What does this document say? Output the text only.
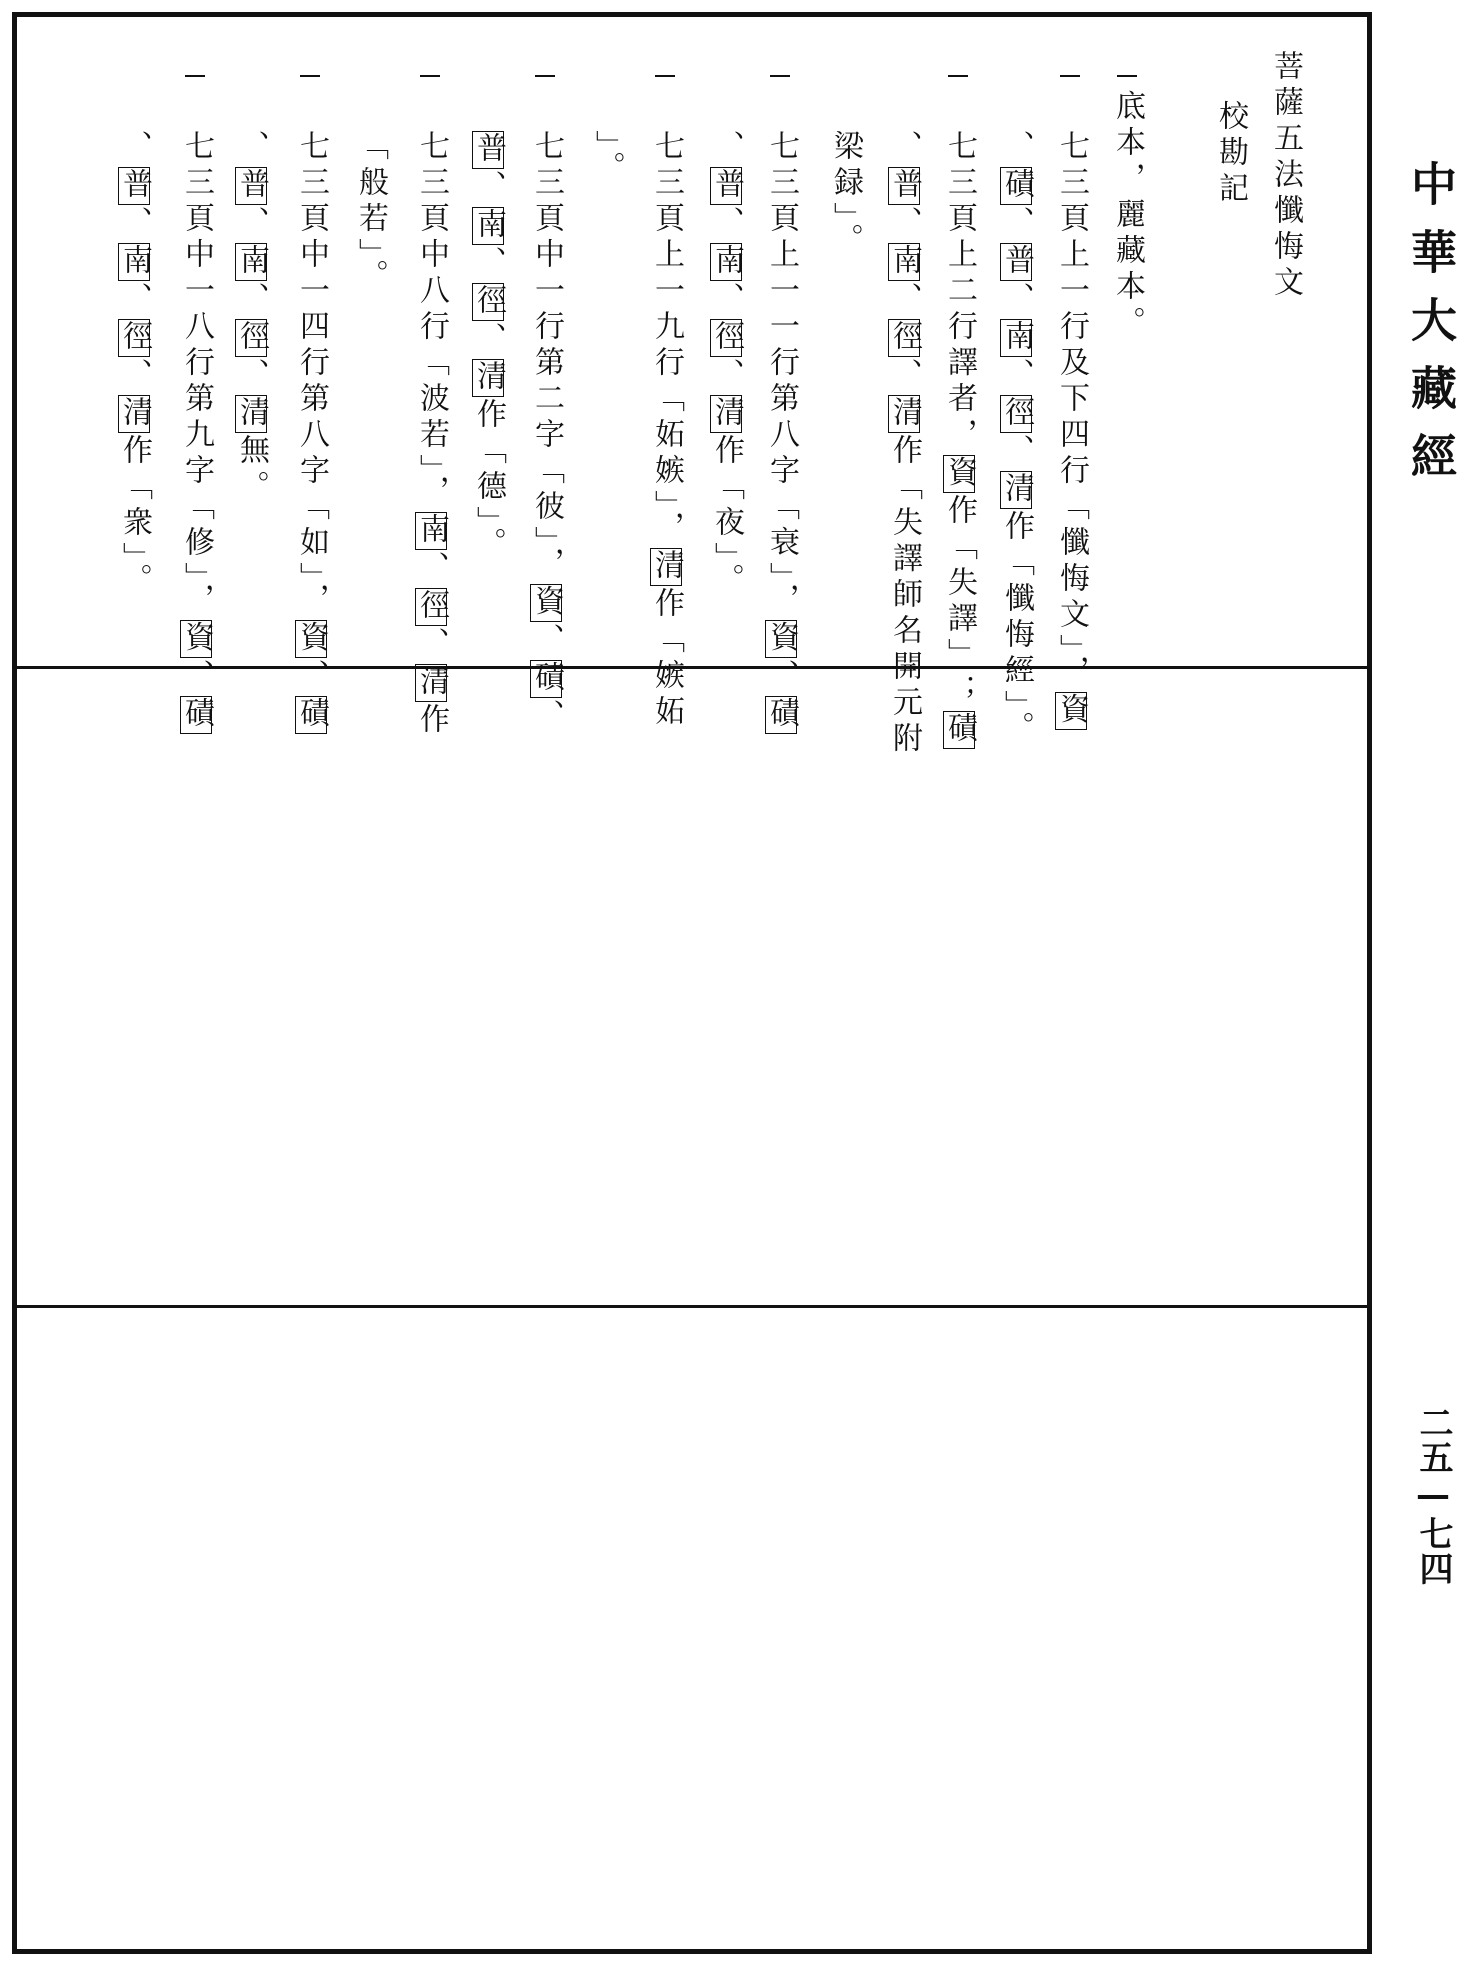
中華大藏經
二五—七四
菩薩五法懺悔文
校勘記
底本，麗藏本。
七三頁上一行及下四行「懺悔文」，資
、磧、普、南、徑、清作「懺悔經」。
七三頁上二行譯者，資作「失譯」；磧
、普、南、徑、清作「失譯師名開元附
梁録」。
七三頁上一一行第八字「衰」，資、磧
、普、南、徑、清作「夜」。
七三頁上一九行「妬嫉」，清作「嫉妬
」。
七三頁中一行第二字「彼」，資、磧、
普、南、徑、清作「德」。
七三頁中八行「波若」，南、徑、清作
「般若」。
七三頁中一四行第八字「如」，資、磧
、普、南、徑、清無。
七三頁中一八行第九字「修」，資、磧
、普、南、徑、清作「衆」。
